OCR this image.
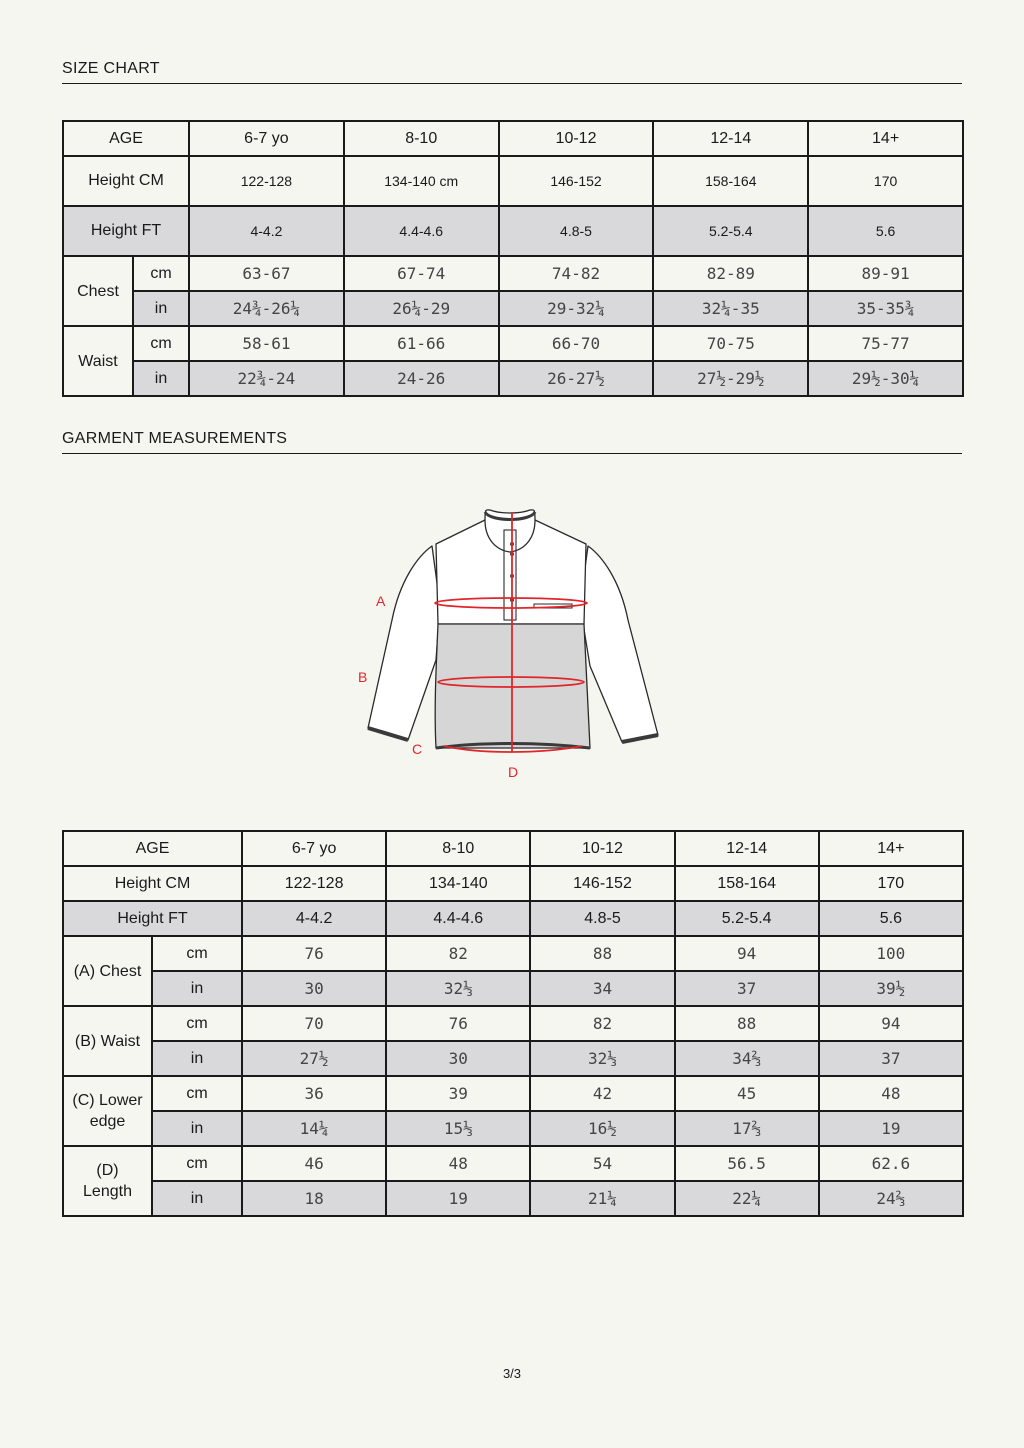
SIZE CHART
AGE		6-7 yo	8-10	10-12	12-14	14+
Height CM		122-128	134-140 cm	146-152	158-164	170
Height FT		4-4.2	4.4-4.6	4.8-5	5.2-5.4	5.6
Chest	cm	63-67	67-74	74-82	82-89	89-91
	in	24¾-26¼	26¼-29	29-32¼	32¼-35	35-35¾
Waist	cm	58-61	61-66	66-70	70-75	75-77
	in	22¾-24	24-26	26-27½	27½-29½	29½-30¼
GARMENT MEASUREMENTS
A
B
C
D
AGE		6-7 yo	8-10	10-12	12-14	14+
Height CM		122-128	134-140	146-152	158-164	170
Height FT		4-4.2	4.4-4.6	4.8-5	5.2-5.4	5.6
(A) Chest	cm	76	82	88	94	100
	in	30	32⅓	34	37	39½
(B) Waist	cm	70	76	82	88	94
	in	27½	30	32⅓	34⅔	37
(C) Lower
edge	cm	36	39	42	45	48
	in	14¼	15⅓	16½	17⅔	19
(D)
Length	cm	46	48	54	56.5	62.6
	in	18	19	21¼	22¼	24⅔
3/3
